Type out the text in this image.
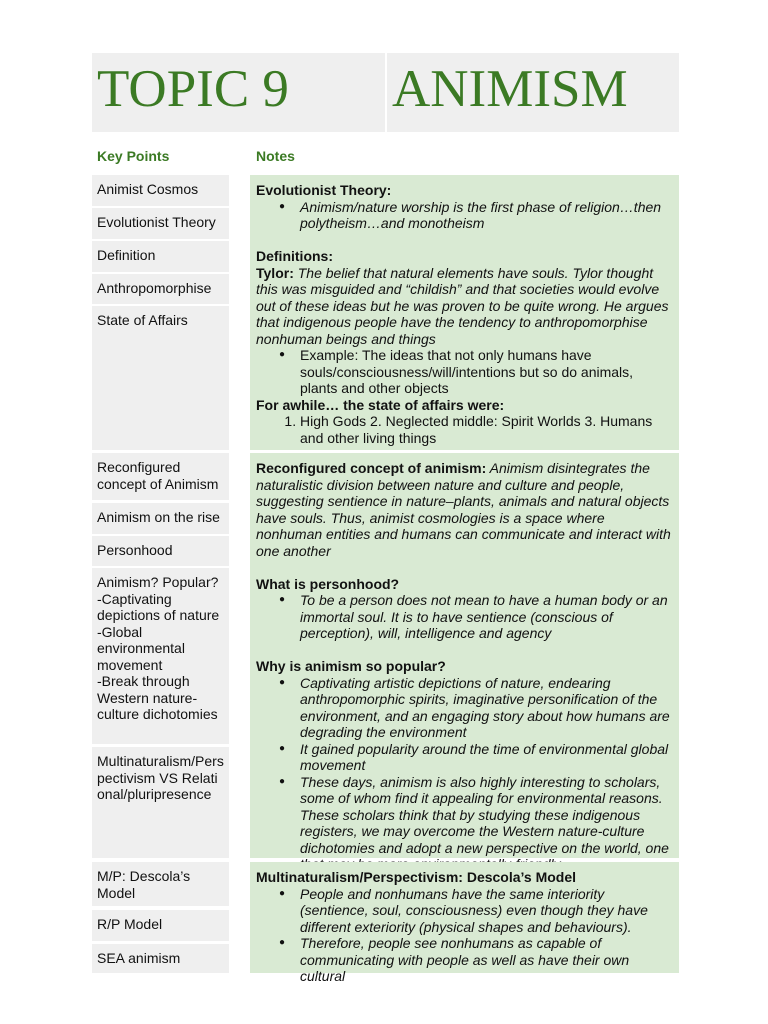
TOPIC 9 ANIMISM
Key Points	Notes
Animist Cosmos
Evolutionist Theory
Definition
Anthropomorphise
State of Affairs
Reconfigured concept of Animism
Animism on the rise
Personhood
Animism? Popular?
-Captivating depictions of nature
-Global environmental movement
-Break through Western nature-culture dichotomies
Multinaturalism/Perspectivism VS Relational/pluripresence
M/P: Descola’s Model
R/P Model
SEA animism

Evolutionist Theory:

● Animism/nature worship is the first phase of religion…then polytheism…and monotheism

Definitions:

Tylor: The belief that natural elements have souls. Tylor thought this was misguided and “childish” and that societies would evolve out of these ideas but he was proven to be quite wrong. He argues that indigenous people have the tendency to anthropomorphise nonhuman beings and things

● Example: The ideas that not only humans have souls/consciousness/will/intentions but so do animals, plants and other objects

For awhile… the state of affairs were:

1. High Gods 2. Neglected middle: Spirit Worlds 3. Humans and other living things

Reconfigured concept of animism: Animism disintegrates the naturalistic division between nature and culture and people, suggesting sentience in nature–plants, animals and natural objects have souls. Thus, animist cosmologies is a space where nonhuman entities and humans can communicate and interact with one another

What is personhood?

● To be a person does not mean to have a human body or an immortal soul. It is to have sentience (conscious of perception), will, intelligence and agency

Why is animism so popular?

● Captivating artistic depictions of nature, endearing anthropomorphic spirits, imaginative personification of the environment, and an engaging story about how humans are degrading the environment
● It gained popularity around the time of environmental global movement
● These days, animism is also highly interesting to scholars, some of whom find it appealing for environmental reasons. These scholars think that by studying these indigenous registers, we may overcome the Western nature-culture dichotomies and adopt a new perspective on the world, one

Multinaturalism/Perspectivism: Descola’s Model

● People and nonhumans have the same interiority (sentience, soul, consciousness) even though they have different exteriority (physical shapes and behaviours).
● Therefore, people see nonhumans as capable of communicating with people as well as have their own cultural
